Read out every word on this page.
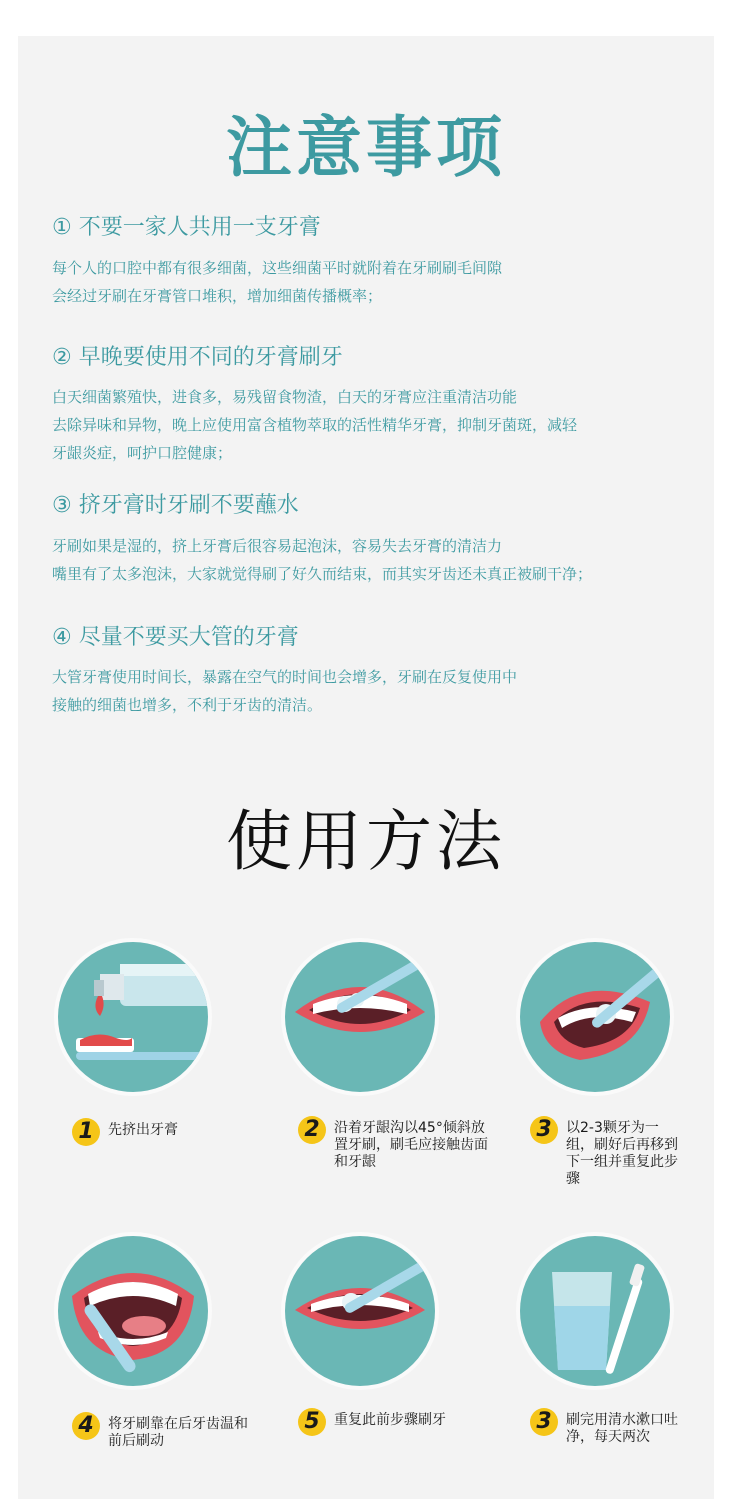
注意事项
① 不要一家人共用一支牙膏
每个人的口腔中都有很多细菌，这些细菌平时就附着在牙刷刷毛间隙
会经过牙刷在牙膏管口堆积，增加细菌传播概率；
② 早晚要使用不同的牙膏刷牙
白天细菌繁殖快，进食多，易残留食物渣，白天的牙膏应注重清洁功能
去除异味和异物，晚上应使用富含植物萃取的活性精华牙膏，抑制牙菌斑，减轻
牙龈炎症，呵护口腔健康；
③ 挤牙膏时牙刷不要蘸水
牙刷如果是湿的，挤上牙膏后很容易起泡沫，容易失去牙膏的清洁力
嘴里有了太多泡沫，大家就觉得刷了好久而结束，而其实牙齿还未真正被刷干净；
④ 尽量不要买大管的牙膏
大管牙膏使用时间长，暴露在空气的时间也会增多，牙刷在反复使用中
接触的细菌也增多，不利于牙齿的清洁。
使用方法
1	先挤出牙膏	2	沿着牙龈沟以45°倾斜放置牙刷，刷毛应接触齿面和牙龈
3	以2-3颗牙为一组，刷好后再移到下一组并重复此步骤
4	将牙刷靠在后牙齿温和前后刷动
5	重复此前步骤刷牙	3	刷完用清水漱口吐净，每天两次
